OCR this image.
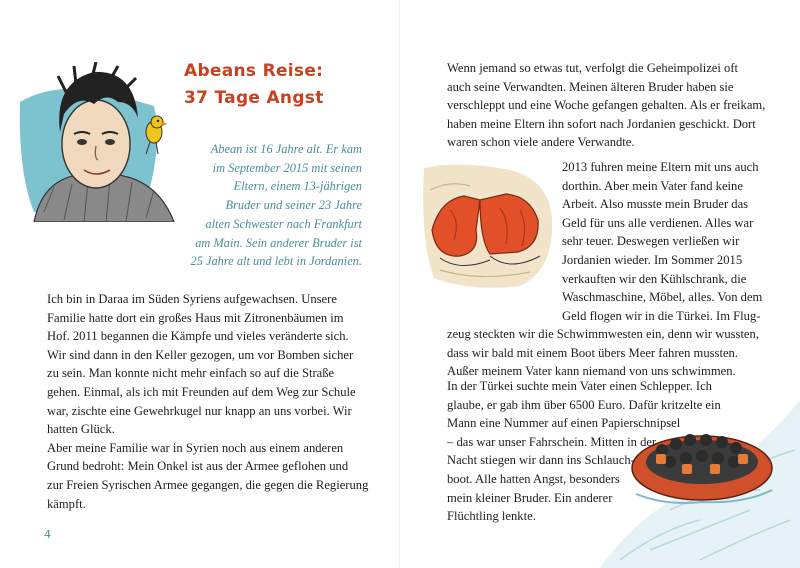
Abeans Reise:
37 Tage Angst
Abean ist 16 Jahre alt. Er kam
im September 2015 mit seinen
Eltern, einem 13-jährigen
Bruder und seiner 23 Jahre
alten Schwester nach Frankfurt
am Main. Sein anderer Bruder ist
25 Jahre alt und lebt in Jordanien.
Ich bin in Daraa im Süden Syriens aufgewachsen. Unsere
Familie hatte dort ein großes Haus mit Zitronenbäumen im
Hof. 2011 begannen die Kämpfe und vieles veränderte sich.
Wir sind dann in den Keller gezogen, um vor Bomben sicher
zu sein. Man konnte nicht mehr einfach so auf die Straße
gehen. Einmal, als ich mit Freunden auf dem Weg zur Schule
war, zischte eine Gewehrkugel nur knapp an uns vorbei. Wir
hatten Glück.
Aber meine Familie war in Syrien noch aus einem anderen
Grund bedroht: Mein Onkel ist aus der Armee geflohen und
zur Freien Syrischen Armee gegangen, die gegen die Regierung
kämpft.
4
Wenn jemand so etwas tut, verfolgt die Geheimpolizei oft
auch seine Verwandten. Meinen älteren Bruder haben sie
verschleppt und eine Woche gefangen gehalten. Als er freikam,
haben meine Eltern ihn sofort nach Jordanien geschickt. Dort
waren schon viele andere Verwandte.
2013 fuhren meine Eltern mit uns auch
dorthin. Aber mein Vater fand keine
Arbeit. Also musste mein Bruder das
Geld für uns alle verdienen. Alles war
sehr teuer. Deswegen verließen wir
Jordanien wieder. Im Sommer 2015
verkauften wir den Kühlschrank, die
Waschmaschine, Möbel, alles. Von dem
Geld flogen wir in die Türkei. Im Flug-
zeug steckten wir die Schwimmwesten ein, denn wir wussten,
dass wir bald mit einem Boot übers Meer fahren mussten.
Außer meinem Vater kann niemand von uns schwimmen.
In der Türkei suchte mein Vater einen Schlepper. Ich
glaube, er gab ihm über 6500 Euro. Dafür kritzelte ein
Mann eine Nummer auf einen Papierschnipsel
– das war unser Fahrschein. Mitten in der
Nacht stiegen wir dann ins Schlauch-
boot. Alle hatten Angst, besonders
mein kleiner Bruder. Ein anderer
Flüchtling lenkte.
